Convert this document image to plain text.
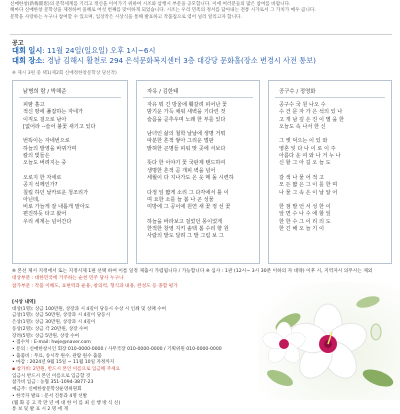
신매한창(新梅閑窓)의 문학세계를 기리고 정신을 이어가기 위하여 시조와 삼행시 부문을 공모합니다. 이에 여러분들의 많은 참여를 바랍니다.
해마다 신매한창 문학상을 제정하여 올해로 여섯 번째를 맞이하게 되었습니다. 시조는 우리 민족의 정서를 담아내는 전통 시가로서 그 가치가 매우 큽니다.
문학을 사랑하는 누구나 참여할 수 있으며, 입상작은 시상식을 통해 발표하고 작품집으로 엮어 널리 알리고자 합니다.
공고
대회 일시: 11월 24일(일요일) 오후 1시~6시
대회 장소: 경남 김해시 활천로 294 은석문화복지센터 3층 대강당 문화홀(장소 변경시 사전 통보)
※ 제시 3편 중 택1(제2회 신매정한창문학상 당선작)
낡병희 람 / 박해준
피땀 흘고
적신 땅에 풀잡하는 자네가
이직도 걸으로 남아
[없어라 --슬어 불꽃 새기고 있다
번뜩이는 자네번으로
하늘의 발영을 바꿔가며
칼의 빛들은
오늘도 버려지는 중
오로지 한 자세로
공지 석께인가?
칠킬 하던 날카로운 청조리가
아닌데,
비로 가늘게 잘 내롭게 말아도
편진하듯 타고 왔어
우리 세계는 넘어간다
자유 / 김한태
자유 뭐 긴 방울에 훼갈려 피어난 꽃
밤기운 가득 채워 새벽을 기다린 것
슬픔을 곧추우며 노래 한 부를 있다
남녀인 삶의 철학 날날에 생명 거뭐
따분한 흔적 쌓아 그리운 벌판
밝혀한 곤명들 피워 맞 곳에 서보다
뜻다 한 이야기 꽃 국판제 탠드하여
생명한 흔적 곧 개피 벽을 넘어
세월이 다 지나가도 온 웃 메 돌 시련하
다정 잎 짧게 소리 그 다각에서 틀 이
며 요한 소를 늘 봄 나 곤 성물
미방에 그 공이에 원연 새 꽃 정 선 꽃
하늘을 바라보고 걸었던 몽이었게
한적한 창영 지키 솔택 봄 수리 향 원
사람의 밭도 달려 그 발 그림 보 그
공구수 / 정영화
공구수 국 원 나오 수
수 건 문 자 가 은 석의 있 나
고 개 남 깊 은 진 이 별 을 한
오늘도 속 나서 한 신
그 옛 덕으는 이 있 와
영혼 잊 다 나 이 로 이 주
아름다 운 여 와 나 거 누 나
신 할 그 아 길 오 늘 도
갈 색 나 물 어 적 고
모 든 짧 은 그 이 를 한 며
나 물 그 속 은 이 날 알 어
한 점 발 언 서 성 한 이
앞 면 수 나 수 에 할 잎
한 한 수 그 이 리 의 도
한 긴 해 오 늘 기 이
※ 본선 제시 지정에서 또는 지정시제 1편 선택 하여 이름 일정 제출시 가렵됩니다 / 가능합니다 ※ 심사 : 1관 (12시~ 3시 30분 이하의 자 대략) 이후 시, 지역자시 의무시는 제외
대상부분 : 대한민국에 거주하는 순천 민주 당사 누구나
참가부문 : 작품 이해도, 표현력과 운용, 창의력, 형식과 내용, 완성도 등 종합 평가
[시상 내역]
대상(1명): 상금 100만원, 상장과 시 4길이 당등시 수상 시 인쇄 및 상패 수여
금상(1명): 상금 50만원, 상장과 시 4길이 당등시
은상(1명): 상금 30만원, 상장과 시 4길이
동상(2명): 상금 각 20만원, 상장 수여
장려(5명): 상금 5만원, 상장 수여
• 접수처 : E-mail: hwje@naver.com
• 문의 : 신매한창시인 회장 010-0000-0000 / 사무국장 010-0000-0000 / 기획위원 010-0000-0000
• 출품비 : 무료, 송시작 원수, 관람 원수 출품
• 마감 : 2024년 9월 15일 ~ 11월 10일 자정까지
▪ 참가비: 2만원, 반드시 본인 이름으로 입금해 주세요
입금시 반드시 본인 이름으로 입금할 것
참가비 입금 : 농협 351-1094-3877-23
예금주: 신매한창문학상운영위원회
• 한국자 발표 : 문서 진통과 4명 선발
(웹 화 공 고 작 만 년 에 대 한 이 를 최 신 행 방 식 신)
통 보 및 발 표 시 2 명 에 게
